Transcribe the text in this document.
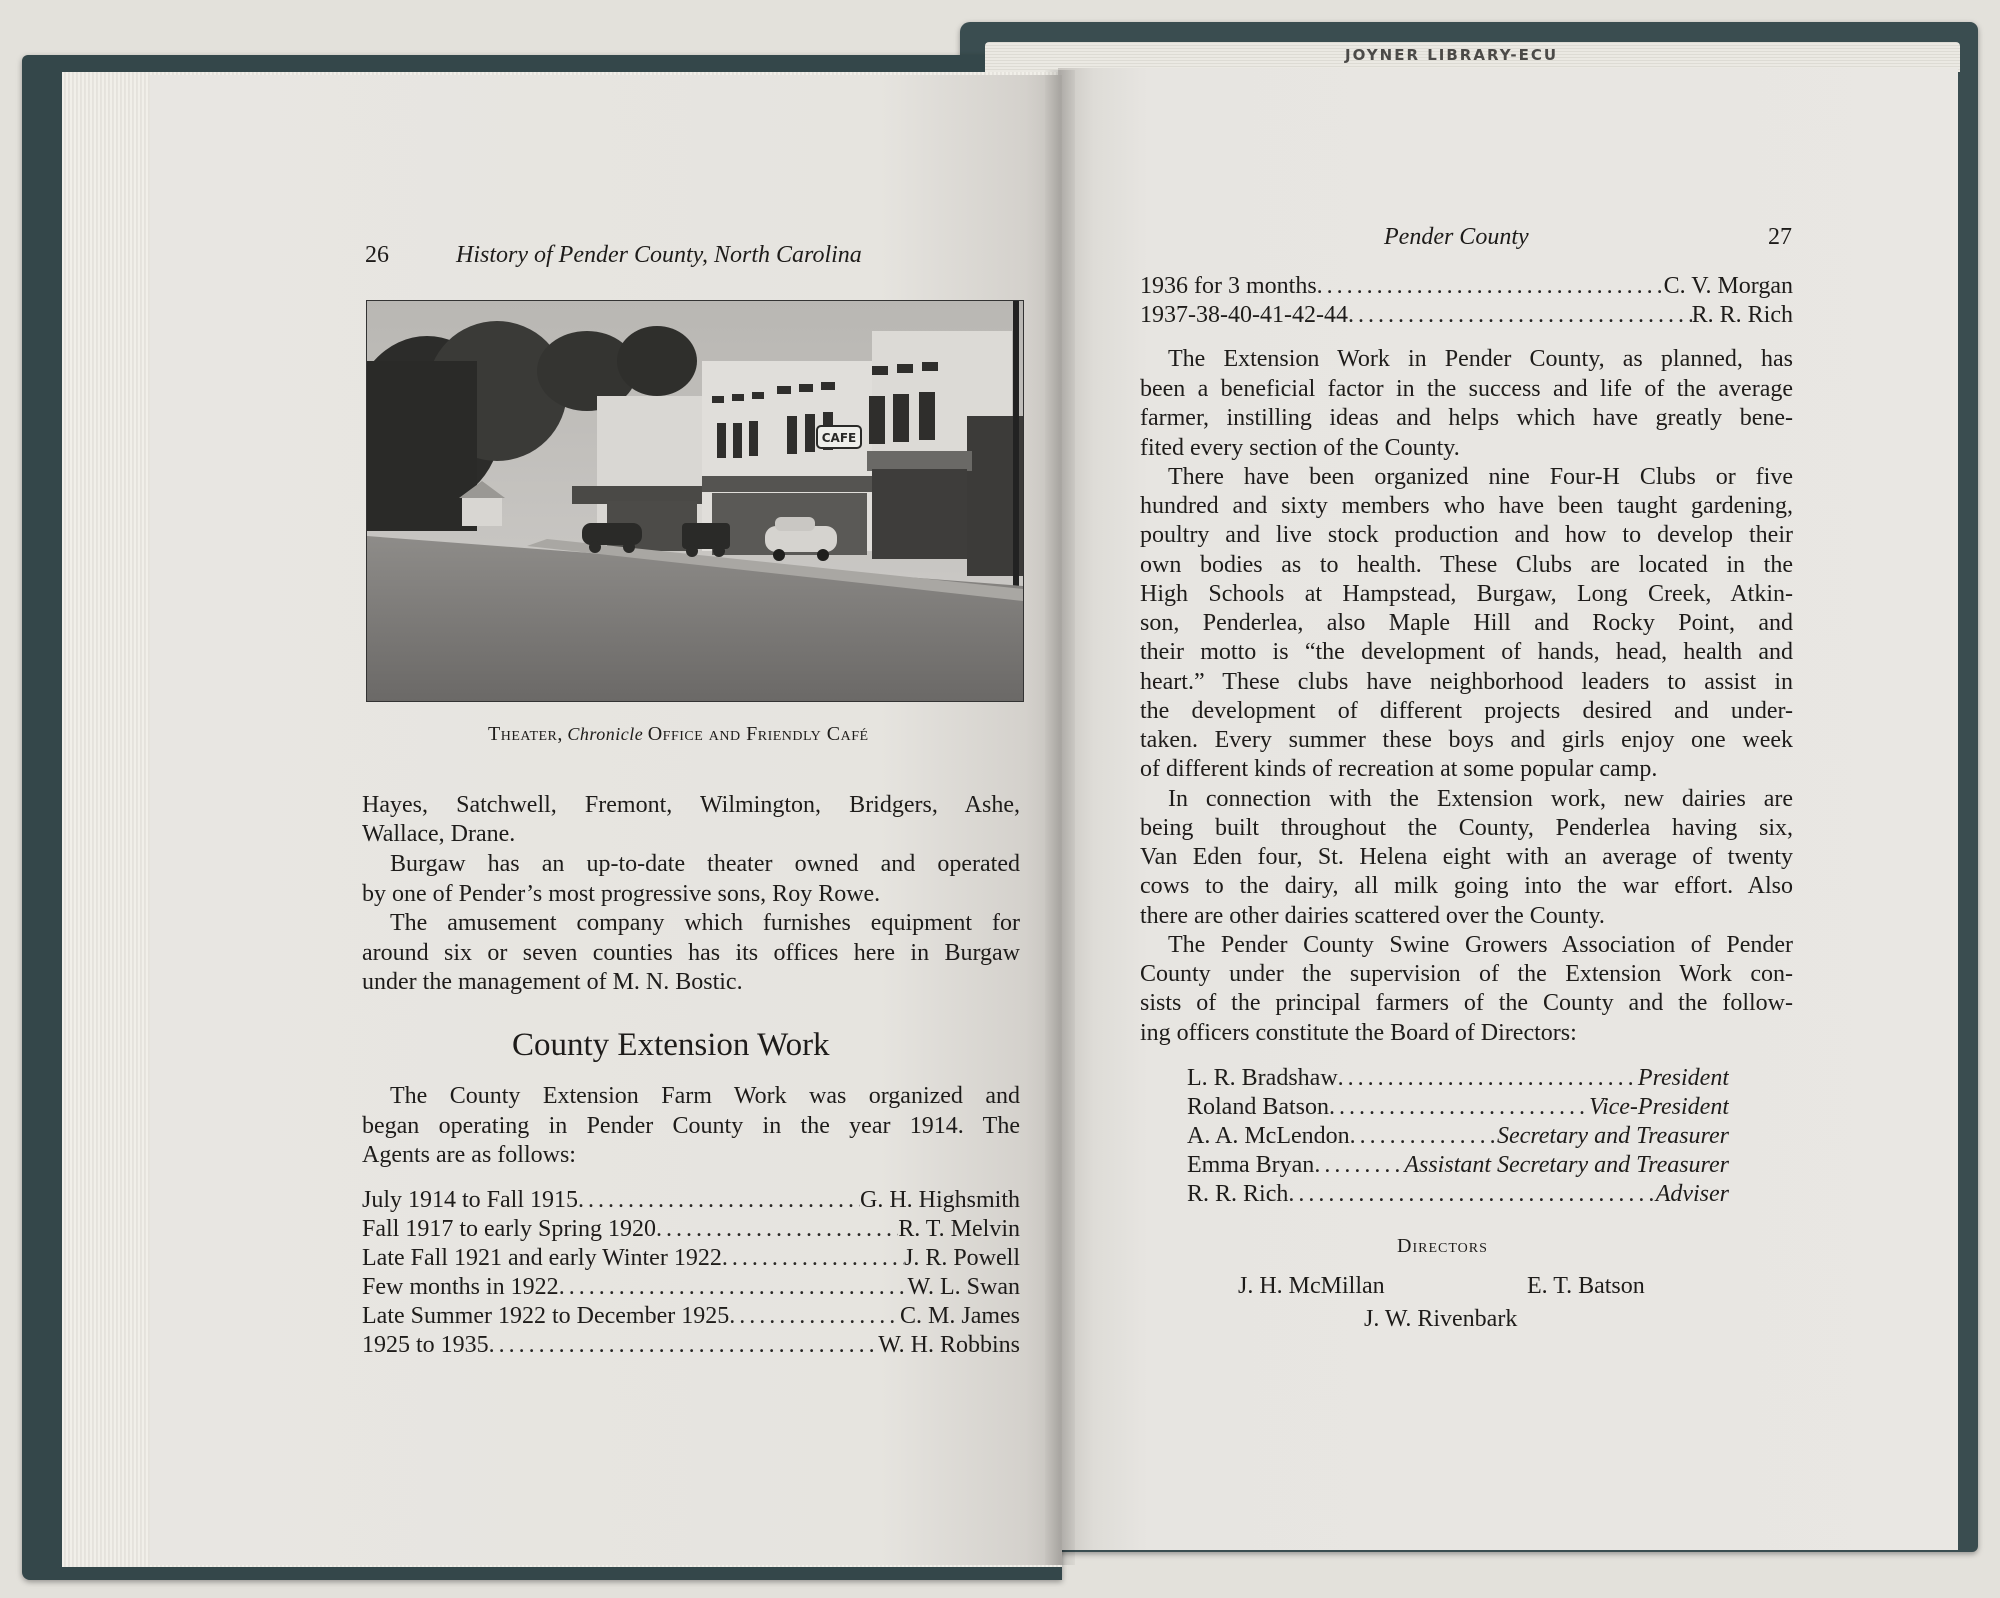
JOYNER LIBRARY-ECU
26	History of Pender County, North Carolina
CAFE
Theater, Chronicle Office and Friendly Café
Hayes, Satchwell, Fremont, Wilmington, Bridgers, Ashe,
Wallace, Drane.
Burgaw has an up-to-date theater owned and operated
by one of Pender’s most progressive sons, Roy Rowe.
The amusement company which furnishes equipment for
around six or seven counties has its offices here in Burgaw
under the management of M. N. Bostic.
County Extension Work
The County Extension Farm Work was organized and
began operating in Pender County in the year 1914. The
Agents are as follows:
July 1914 to Fall 1915 .....	G. H. Highsmith
Fall 1917 to early Spring 1920 .....	R. T. Melvin
Late Fall 1921 and early Winter 1922 .....	J. R. Powell
Few months in 1922 .....	W. L. Swan
Late Summer 1922 to December 1925 .....	C. M. James
1925 to 1935 .....	W. H. Robbins
Pender County	27
1936 for 3 months .....	C. V. Morgan
1937-38-40-41-42-44 .....	R. R. Rich
The Extension Work in Pender County, as planned, has
been a beneficial factor in the success and life of the average
farmer, instilling ideas and helps which have greatly bene-
fited every section of the County.
There have been organized nine Four-H Clubs or five
hundred and sixty members who have been taught gardening,
poultry and live stock production and how to develop their
own bodies as to health. These Clubs are located in the
High Schools at Hampstead, Burgaw, Long Creek, Atkin-
son, Penderlea, also Maple Hill and Rocky Point, and
their motto is “the development of hands, head, health and
heart.” These clubs have neighborhood leaders to assist in
the development of different projects desired and under-
taken. Every summer these boys and girls enjoy one week
of different kinds of recreation at some popular camp.
In connection with the Extension work, new dairies are
being built throughout the County, Penderlea having six,
Van Eden four, St. Helena eight with an average of twenty
cows to the dairy, all milk going into the war effort. Also
there are other dairies scattered over the County.
The Pender County Swine Growers Association of Pender
County under the supervision of the Extension Work con-
sists of the principal farmers of the County and the follow-
ing officers constitute the Board of Directors:
L. R. Bradshaw .....	President
Roland Batson .....	Vice-President
A. A. McLendon .....	Secretary and Treasurer
Emma Bryan .....	Assistant Secretary and Treasurer
R. R. Rich .....	Adviser
Directors
J. H. McMillan	E. T. Batson
J. W. Rivenbark
